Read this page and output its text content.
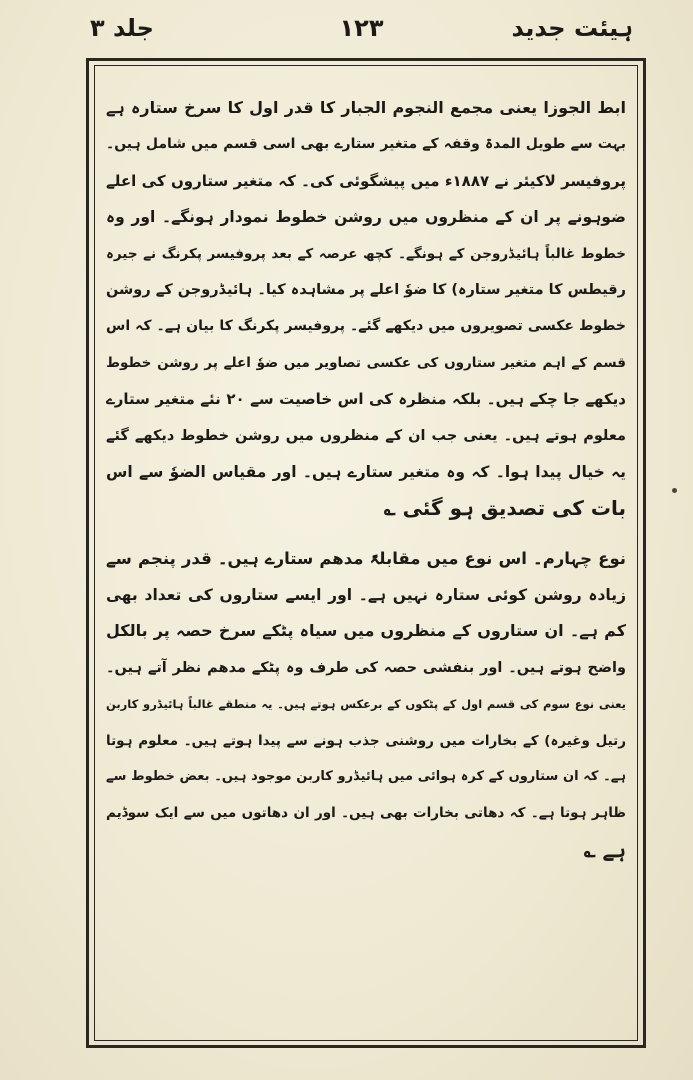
ہیئت جدید
۱۲۳
جلد ۳
ابط الجوزا یعنی مجمع النجوم الجبار کا قدر اول کا سرخ ستارہ ہے
بہت سے طویل المدۃ وقفہ کے متغیر ستارے بھی اسی قسم میں شامل ہیں۔
پروفیسر لاکیئر نے ۱۸۸۷ء میں پیشگوئی کی۔ کہ متغیر ستاروں کی اعلے
ضوہونے پر ان کے منظروں میں روشن خطوط نمودار ہونگے۔ اور وہ
خطوط غالباً ہائیڈروجن کے ہونگے۔ کچھ عرصہ کے بعد پروفیسر پکرنگ نے جیرہ
رقیطس کا متغیر ستارہ) کا ضوٗ اعلے پر مشاہدہ کیا۔ ہائیڈروجن کے روشن
خطوط عکسی تصویروں میں دیکھے گئے۔ پروفیسر پکرنگ کا بیان ہے۔ کہ اس
قسم کے اہم متغیر ستاروں کی عکسی تصاویر میں ضوٗ اعلے پر روشن خطوط
دیکھے جا چکے ہیں۔ بلکہ منظرہ کی اس خاصیت سے ۲۰ نئے متغیر ستارے
معلوم ہوتے ہیں۔ یعنی جب ان کے منظروں میں روشن خطوط دیکھے گئے
یہ خیال پیدا ہوا۔ کہ وہ متغیر ستارے ہیں۔ اور مقیاس الضوٗ سے اس
بات کی تصدیق ہو گئی ؎
نوع چہارم۔ اس نوع میں مقابلۃً مدھم ستارے ہیں۔ قدر پنجم سے
زیادہ روشن کوئی ستارہ نہیں ہے۔ اور ایسے ستاروں کی تعداد بھی
کم ہے۔ ان ستاروں کے منظروں میں سیاہ پٹکے سرخ حصہ پر بالکل
واضح ہوتے ہیں۔ اور بنفشی حصہ کی طرف وہ پٹکے مدھم نظر آتے ہیں۔
یعنی نوع سوم کی قسم اول کے پٹکوں کے برعکس ہوتے ہیں۔ یہ منطقے غالباً ہائیڈرو کاربن
رتیل وغیرہ) کے بخارات میں روشنی جذب ہونے سے پیدا ہوتے ہیں۔ معلوم ہوتا
ہے۔ کہ ان ستاروں کے کرہ ہوائی میں ہائیڈرو کاربن موجود ہیں۔ بعض خطوط سے
ظاہر ہوتا ہے۔ کہ دھاتی بخارات بھی ہیں۔ اور ان دھاتوں میں سے ایک سوڈیم
ہے ؎
